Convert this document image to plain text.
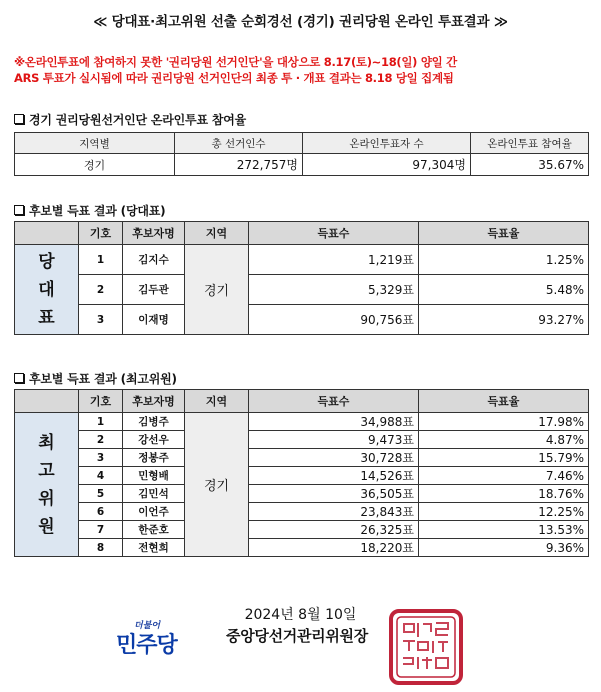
≪ 당대표·최고위원 선출 순회경선 (경기) 권리당원 온라인 투표결과 ≫
※온라인투표에 참여하지 못한 '권리당원 선거인단'을 대상으로 8.17(토)~18(일) 양일 간
ARS 투표가 실시됨에 따라 권리당원 선거인단의 최종 투 · 개표 결과는 8.18 당일 집계됨
경기 권리당원선거인단 온라인투표 참여율
지역별	총 선거인수	온라인투표자 수	온라인투표 참여율
경기	272,757명	97,304명	35.67%
후보별 득표 결과 (당대표)
	기호	후보자명	지역	득표수	득표율

당
대
표	1	김지수	경기	1,219표	1.25%
	2	김두관		5,329표	5.48%
	3	이재명		90,756표	93.27%
후보별 득표 결과 (최고위원)
	기호	후보자명	지역	득표수	득표율

최
고
위
원	1	김병주	경기	34,988표	17.98%
	2	강선우		9,473표	4.87%
	3	정봉주		30,728표	15.79%
	4	민형배		14,526표	7.46%
	5	김민석		36,505표	18.76%
	6	이언주		23,843표	12.25%
	7	한준호		26,325표	13.53%
	8	전현희		18,220표	9.36%
2024년 8월 10일
더불어
민주당	중앙당선거관리위원장
